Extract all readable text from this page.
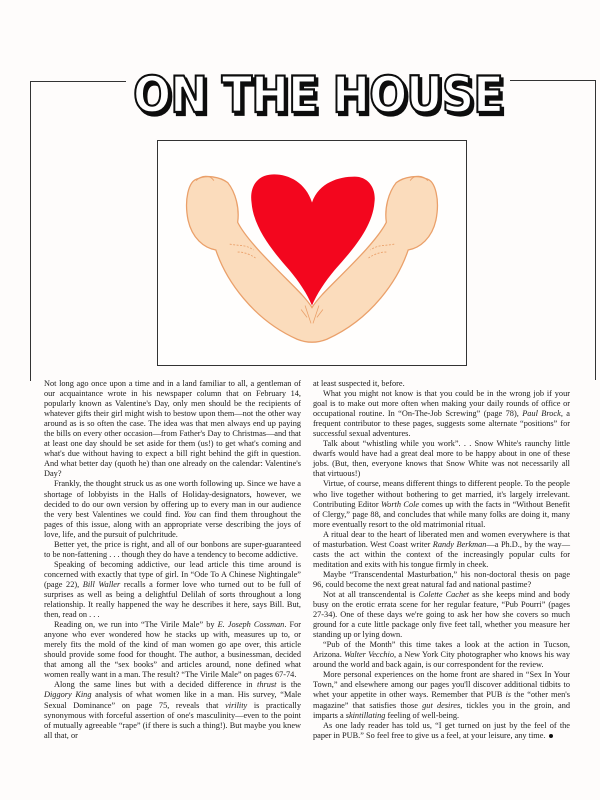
ON THE HOUSE

Not long ago once upon a time and in a land familiar to all, a gentleman of our acquaintance wrote in his newspaper column that on February 14, popularly known as Valentine's Day, only men should be the recipients of whatever gifts their girl might wish to bestow upon them—not the other way around as is so often the case. The idea was that men always end up paying the bills on every other occasion—from Father's Day to Christmas—and that at least one day should be set aside for them (us!) to get what's coming and what's due without having to expect a bill right behind the gift in question. And what better day (quoth he) than one already on the calendar: Valentine's Day?

Frankly, the thought struck us as one worth following up. Since we have a shortage of lobbyists in the Halls of Holiday-designators, however, we decided to do our own version by offering up to every man in our audience the very best Valentines we could find. You can find them throughout the pages of this issue, along with an appropriate verse describing the joys of love, life, and the pursuit of pulchritude.

Better yet, the price is right, and all of our bonbons are super-guaranteed to be non-fattening . . . though they do have a tendency to become addictive.

Speaking of becoming addictive, our lead article this time around is concerned with exactly that type of girl. In “Ode To A Chinese Nightingale” (page 22), Bill Waller recalls a former love who turned out to be full of surprises as well as being a delightful Delilah of sorts throughout a long relationship. It really happened the way he describes it here, says Bill. But, then, read on . . .

Reading on, we run into “The Virile Male” by E. Joseph Cossman. For anyone who ever wondered how he stacks up with, measures up to, or merely fits the mold of the kind of man women go ape over, this article should provide some food for thought. The author, a businessman, decided that among all the “sex books” and articles around, none defined what women really want in a man. The result? “The Virile Male” on pages 67-74.

Along the same lines but with a decided difference in thrust is the Diggory King analysis of what women like in a man. His survey, “Male Sexual Dominance” on page 75, reveals that virility is practically synonymous with forceful assertion of one's masculinity—even to the point of mutually agreeable “rape” (if there is such a thing!). But maybe you knew all that, or

at least suspected it, before.

What you might not know is that you could be in the wrong job if your goal is to make out more often when making your daily rounds of office or occupational routine. In “On-The-Job Screwing” (page 78), Paul Brock, a frequent contributor to these pages, suggests some alternate “positions” for successful sexual adventures.

Talk about “whistling while you work”. . . Snow White's raunchy little dwarfs would have had a great deal more to be happy about in one of these jobs. (But, then, everyone knows that Snow White was not necessarily all that virtuous!)

Virtue, of course, means different things to different people. To the people who live together without bothering to get married, it's largely irrelevant. Contributing Editor Worth Cole comes up with the facts in “Without Benefit of Clergy,” page 88, and concludes that while many folks are doing it, many more eventually resort to the old matrimonial ritual.

A ritual dear to the heart of liberated men and women everywhere is that of masturbation. West Coast writer Randy Berkman—a Ph.D., by the way—casts the act within the context of the increasingly popular cults for meditation and exits with his tongue firmly in cheek.

Maybe “Transcendental Masturbation,” his non-doctoral thesis on page 96, could become the next great natural fad and national pastime?

Not at all transcendental is Colette Cachet as she keeps mind and body busy on the erotic errata scene for her regular feature, “Pub Pourri” (pages 27-34). One of these days we're going to ask her how she covers so much ground for a cute little package only five feet tall, whether you measure her standing up or lying down.

“Pub of the Month” this time takes a look at the action in Tucson, Arizona. Walter Vecchio, a New York City photographer who knows his way around the world and back again, is our correspondent for the review.

More personal experiences on the home front are shared in “Sex In Your Town,” and elsewhere among our pages you'll discover additional tidbits to whet your appetite in other ways. Remember that PUB is the “other men's magazine” that satisfies those gut desires, tickles you in the groin, and imparts a skintillating feeling of well-being.

As one lady reader has told us, “I get turned on just by the feel of the paper in PUB.” So feel free to give us a feel, at your leisure, any time.
